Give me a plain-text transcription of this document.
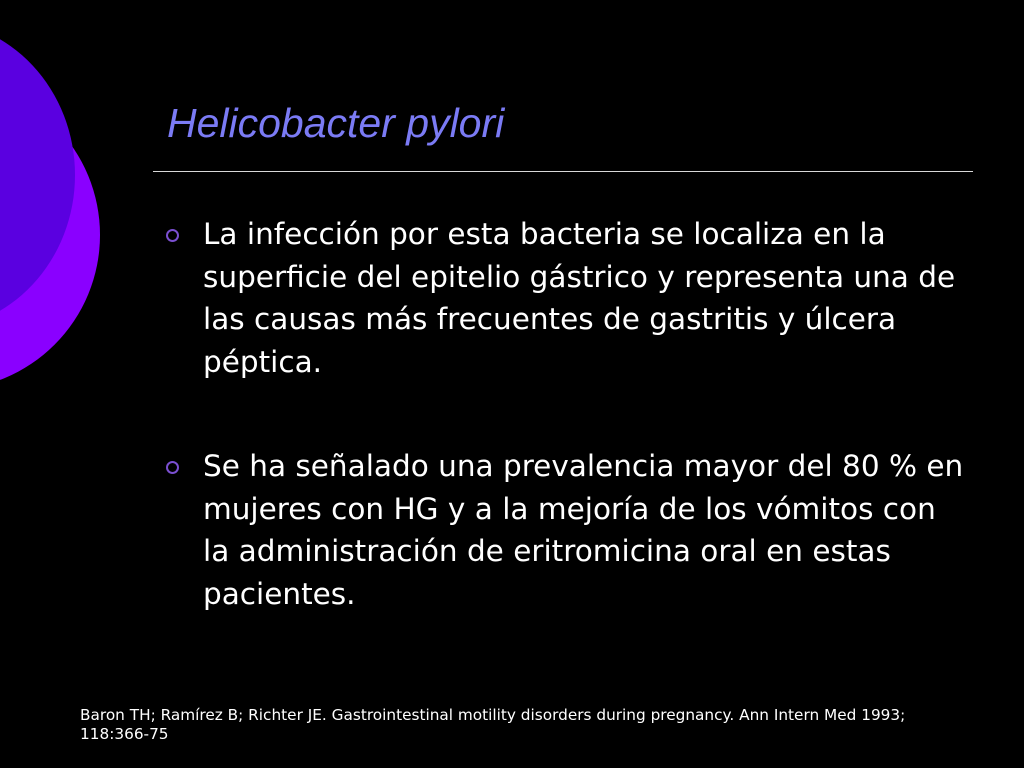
Helicobacter pylori
La infección por esta bacteria se localiza en la superficie del epitelio gástrico y representa una de las causas más frecuentes de gastritis y úlcera péptica.
Se ha señalado una prevalencia mayor del 80 % en mujeres con HG y a la mejoría de los vómitos con la administración de eritromicina oral en estas pacientes.

Baron TH; Ramírez B; Richter JE. Gastrointestinal motility disorders during pregnancy. Ann Intern Med 1993; 118:366-75
